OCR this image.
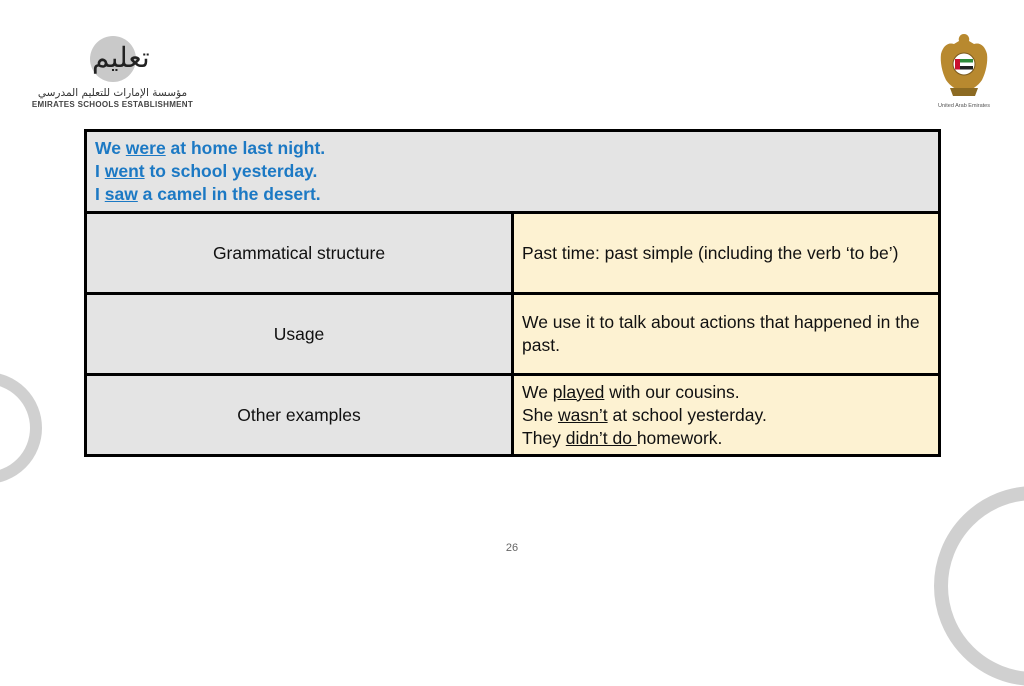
تعليم
مؤسسة الإمارات للتعليم المدرسي
EMIRATES SCHOOLS ESTABLISHMENT	United Arab Emirates
We were at home last night.
I went to school yesterday.
I saw a camel in the desert.	

Grammatical structure	Past time: past simple (including the verb ‘to be’)
Usage	We use it to talk about actions that happened in the past.
Other examples	We played with our cousins.
She wasn’t at school yesterday.
They didn’t do homework.
26
